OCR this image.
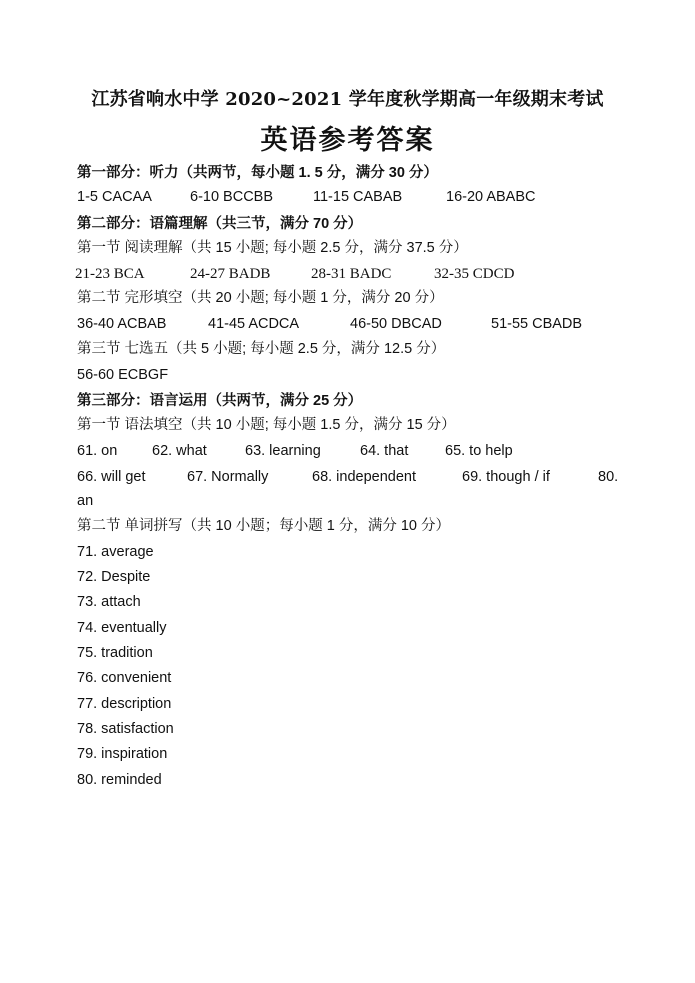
江苏省响水中学 2020~2021 学年度秋学期高一年级期末考试
英语参考答案
第一部分：听力（共两节，每小题 1. 5 分，满分 30 分）
1-5 CACAA	6-10 BCCBB	11-15 CABAB	16-20 ABABC
第二部分：语篇理解（共三节，满分 70 分）
第一节 阅读理解（共 15 小题; 每小题 2.5 分，满分 37.5 分）
21-23 BCA	24-27 BADB	28-31 BADC	32-35 CDCD
第二节 完形填空（共 20 小题; 每小题 1 分，满分 20 分）
36-40 ACBAB	41-45 ACDCA	46-50 DBCAD	51-55 CBADB
第三节 七选五（共 5 小题; 每小题 2.5 分，满分 12.5 分）
56-60 ECBGF
第三部分：语言运用（共两节，满分 25 分）
第一节 语法填空（共 10 小题; 每小题 1.5 分，满分 15 分）
61. on 62. what	63. learning	64. that	65. to help
66. will get	67. Normally	68. independent	69. though / if	80.
an
第二节 单词拼写（共 10 小题；每小题 1 分，满分 10 分）
71. average
72. Despite
73. attach
74. eventually
75. tradition
76. convenient
77. description
78. satisfaction
79. inspiration
80. reminded
